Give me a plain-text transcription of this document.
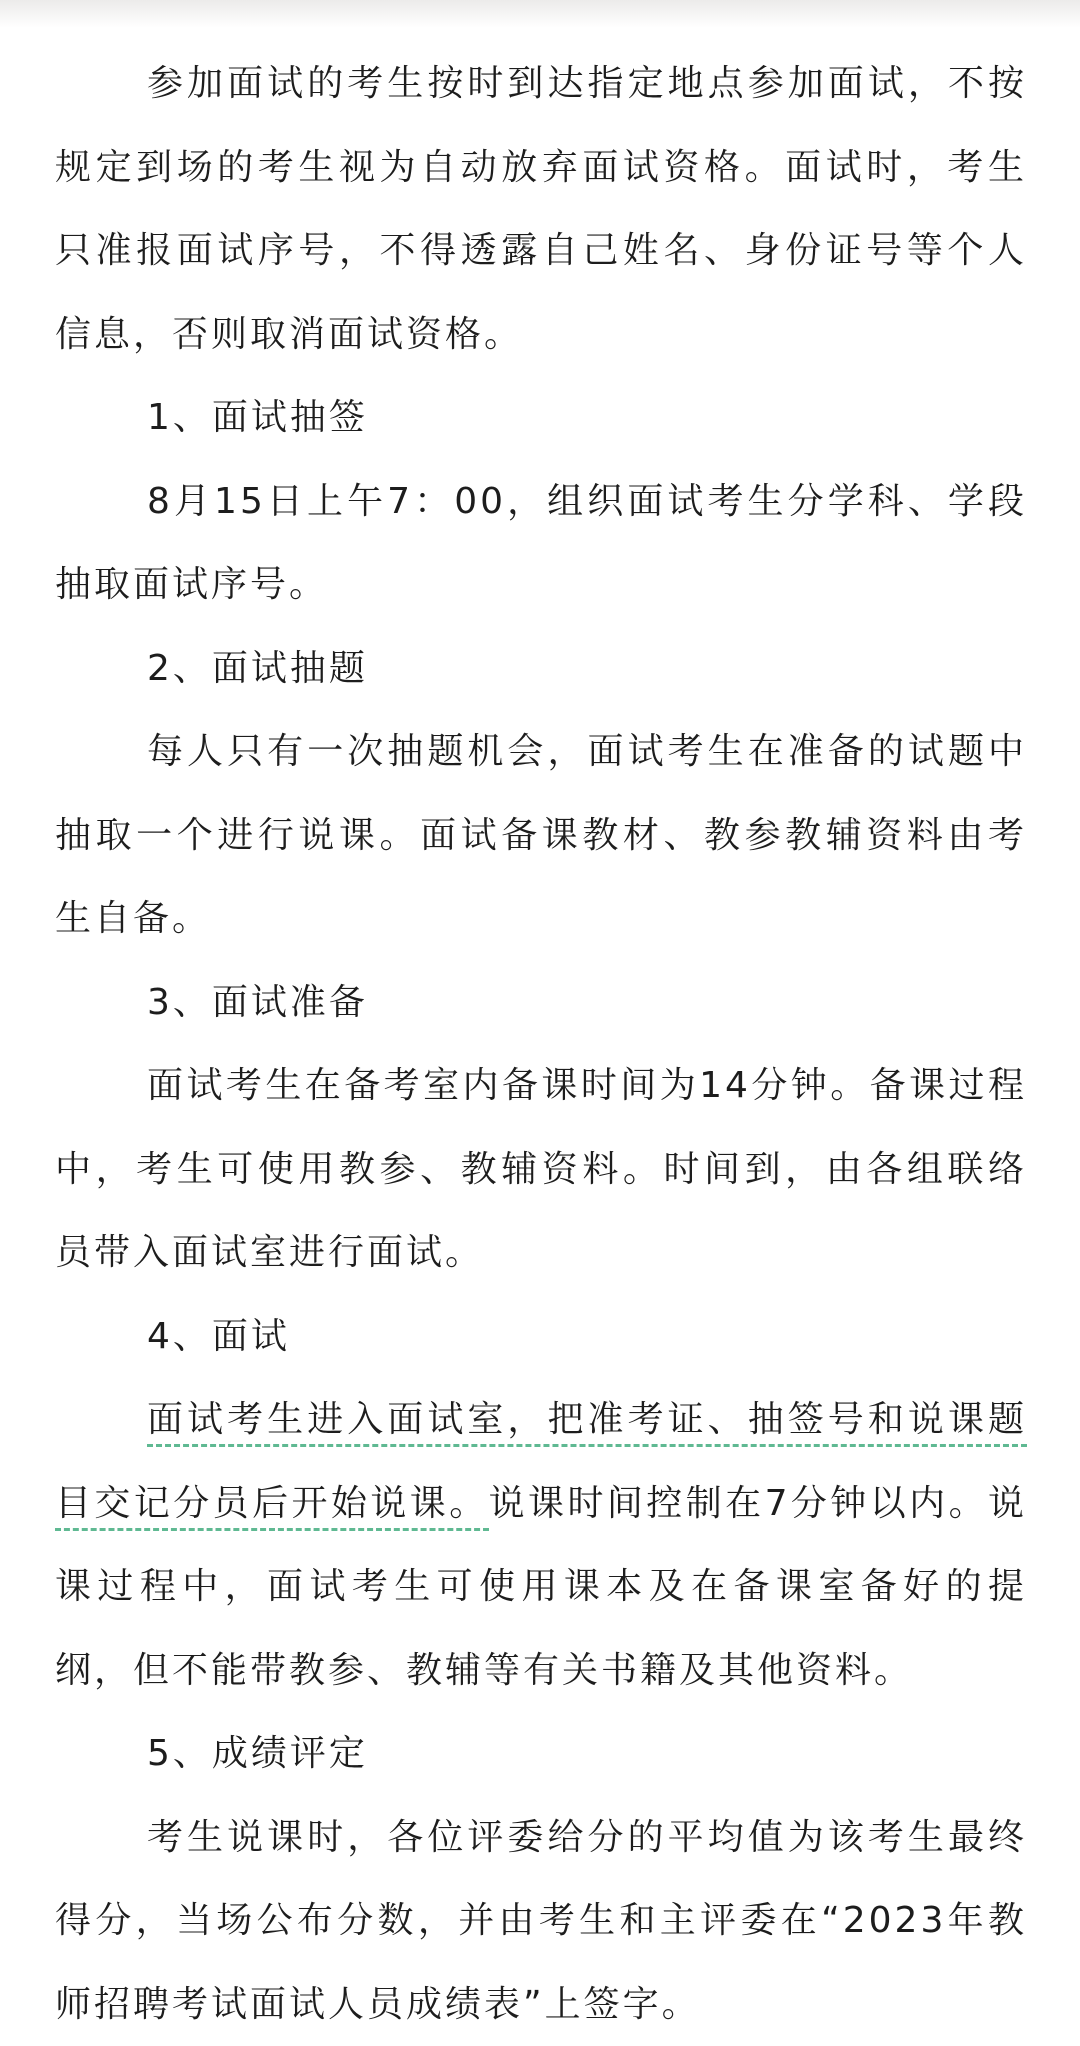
参加面试的考生按时到达指定地点参加面试，不按规定到场的考生视为自动放弃面试资格。面试时，考生只准报面试序号，不得透露自己姓名、身份证号等个人信息，否则取消面试资格。

1、面试抽签

8月15日上午7：00，组织面试考生分学科、学段抽取面试序号。

2、面试抽题

每人只有一次抽题机会，面试考生在准备的试题中抽取一个进行说课。面试备课教材、教参教辅资料由考生自备。

3、面试准备

面试考生在备考室内备课时间为14分钟。备课过程中，考生可使用教参、教辅资料。时间到，由各组联络员带入面试室进行面试。

4、面试

面试考生进入面试室，把准考证、抽签号和说课题目交记分员后开始说课。说课时间控制在7分钟以内。说课过程中，面试考生可使用课本及在备课室备好的提纲，但不能带教参、教辅等有关书籍及其他资料。

5、成绩评定

考生说课时，各位评委给分的平均值为该考生最终得分，当场公布分数，并由考生和主评委在“2023年教师招聘考试面试人员成绩表”上签字。
